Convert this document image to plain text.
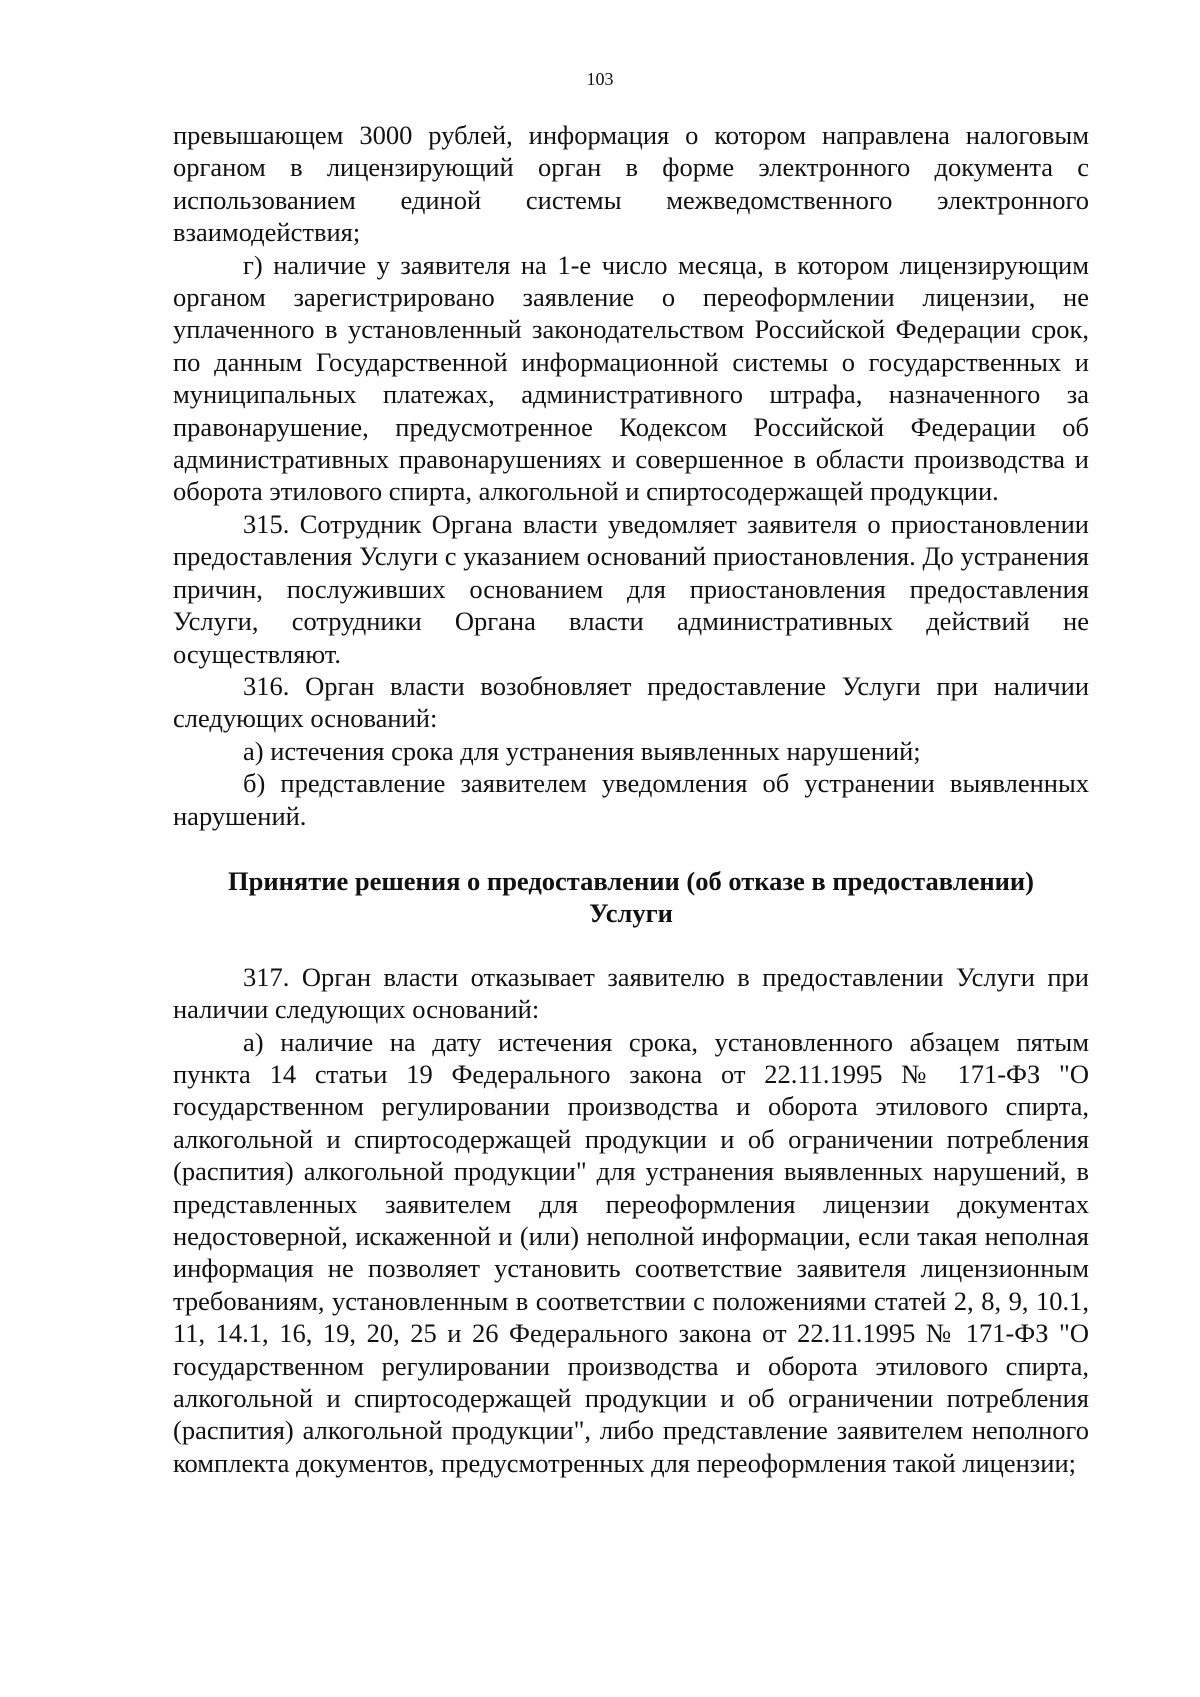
103

превышающем 3000 рублей, информация о котором направлена налоговым органом в лицензирующий орган в форме электронного документа с использованием единой системы межведомственного электронного взаимодействия;

г) наличие у заявителя на 1-е число месяца, в котором лицензирующим органом зарегистрировано заявление о переоформлении лицензии, не уплаченного в установленный законодательством Российской Федерации срок, по данным Государственной информационной системы о государственных и муниципальных платежах, административного штрафа, назначенного за правонарушение, предусмотренное Кодексом Российской Федерации об административных правонарушениях и совершенное в области производства и оборота этилового спирта, алкогольной и спиртосодержащей продукции.

315. Сотрудник Органа власти уведомляет заявителя о приостановлении предоставления Услуги с указанием оснований приостановления. До устранения причин, послуживших основанием для приостановления предоставления Услуги, сотрудники Органа власти административных действий не осуществляют.

316. Орган власти возобновляет предоставление Услуги при наличии следующих оснований:

а) истечения срока для устранения выявленных нарушений;

б) представление заявителем уведомления об устранении выявленных нарушений.

Принятие решения о предоставлении (об отказе в предоставлении)
Услуги

317. Орган власти отказывает заявителю в предоставлении Услуги при наличии следующих оснований:

а) наличие на дату истечения срока, установленного абзацем пятым пункта 14 статьи 19 Федерального закона от 22.11.1995 № 171-ФЗ "О государственном регулировании производства и оборота этилового спирта, алкогольной и спиртосодержащей продукции и об ограничении потребления (распития) алкогольной продукции" для устранения выявленных нарушений, в представленных заявителем для переоформления лицензии документах недостоверной, искаженной и (или) неполной информации, если такая неполная информация не позволяет установить соответствие заявителя лицензионным требованиям, установленным в соответствии с положениями статей 2, 8, 9, 10.1, 11, 14.1, 16, 19, 20, 25 и 26 Федерального закона от 22.11.1995 № 171-ФЗ "О государственном регулировании производства и оборота этилового спирта, алкогольной и спиртосодержащей продукции и об ограничении потребления (распития) алкогольной продукции", либо представление заявителем неполного комплекта документов, предусмотренных для переоформления такой лицензии;
